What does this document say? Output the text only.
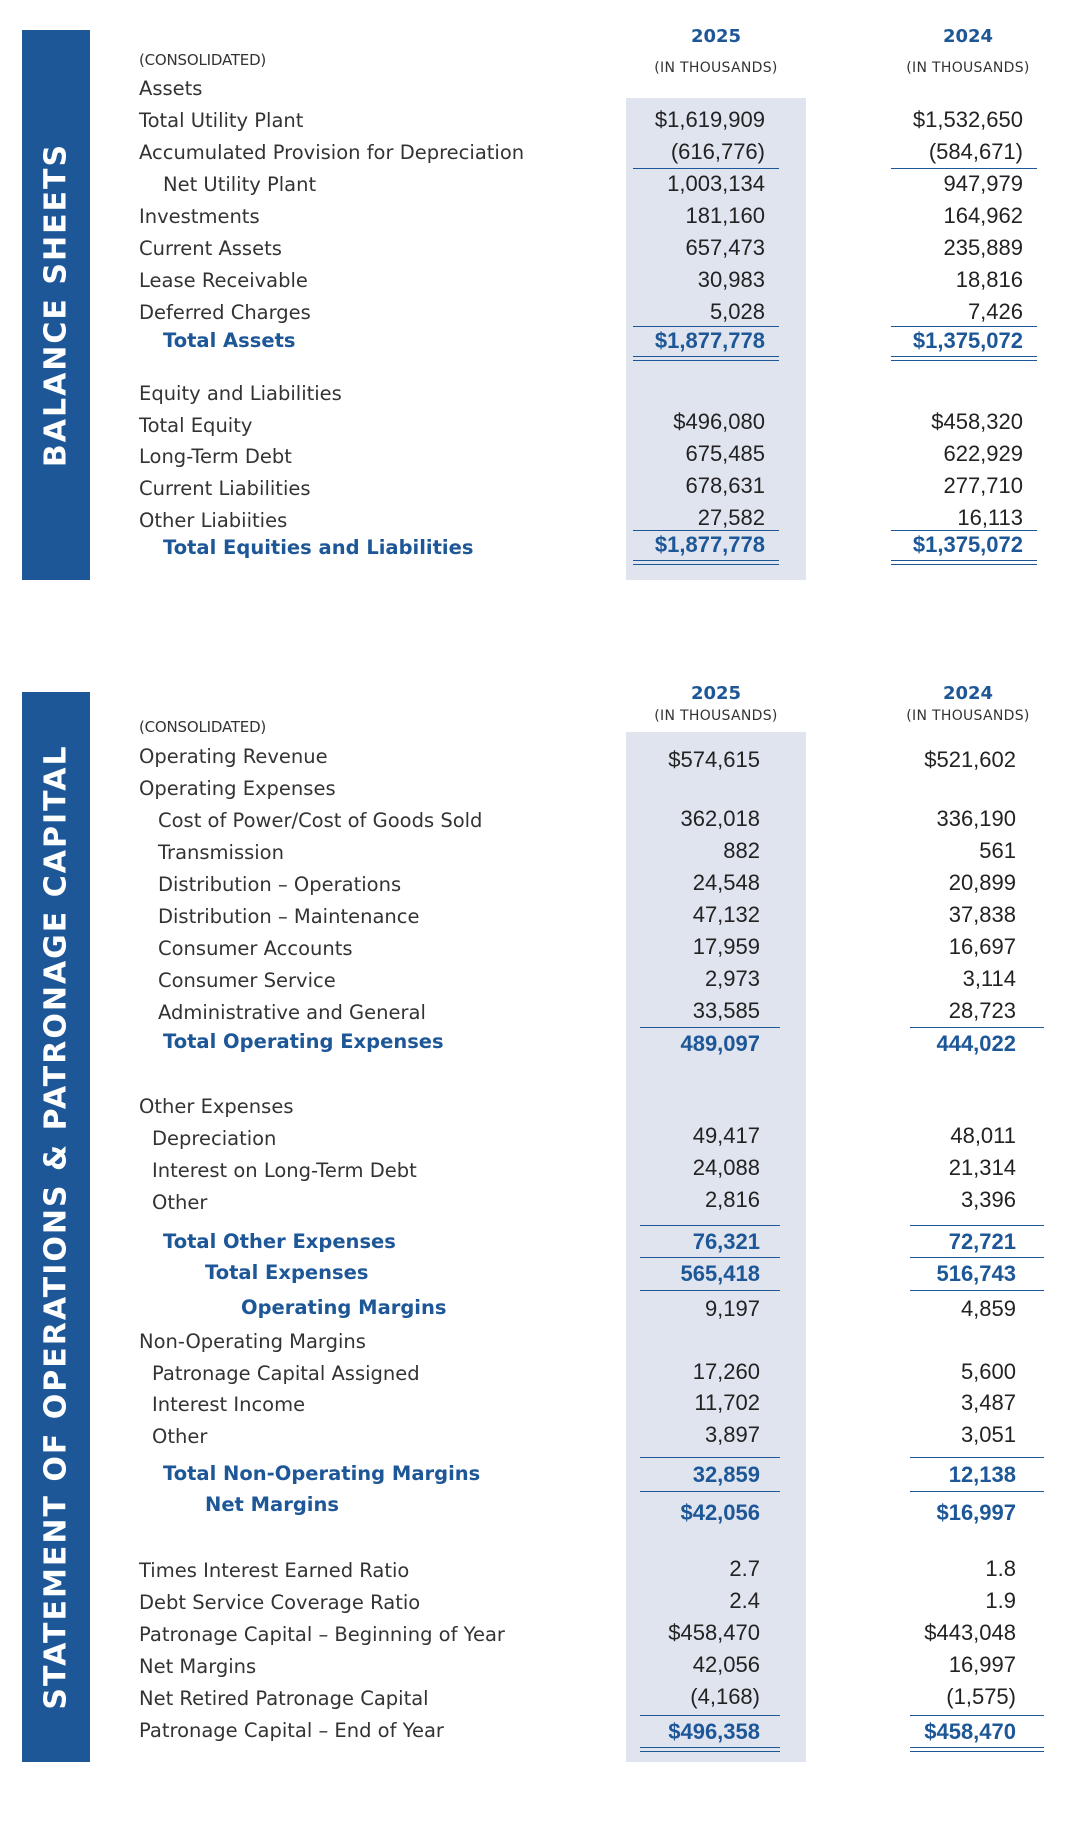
BALANCE SHEETS
2025
(IN THOUSANDS)
2024
(IN THOUSANDS)
(CONSOLIDATED)
Assets
Total Utility Plant	$1,619,909	$1,532,650
Accumulated Provision for Depreciation	(616,776)	(584,671)
Net Utility Plant	1,003,134	947,979
Investments	181,160	164,962
Current Assets	657,473	235,889
Lease Receivable	30,983	18,816
Deferred Charges	5,028	7,426
Total Assets	$1,877,778	$1,375,072
Equity and Liabilities
Total Equity	$496,080	$458,320
Long-Term Debt	675,485	622,929
Current Liabilities	678,631	277,710
Other Liabiities	27,582	16,113
Total Equities and Liabilities	$1,877,778	$1,375,072
STATEMENT OF OPERATIONS & PATRONAGE CAPITAL
2025
(IN THOUSANDS)
2024
(IN THOUSANDS)
(CONSOLIDATED)
Operating Revenue	$574,615	$521,602
Operating Expenses
Cost of Power/Cost of Goods Sold	362,018	336,190
Transmission	882	561
Distribution – Operations	24,548	20,899
Distribution – Maintenance	47,132	37,838
Consumer Accounts	17,959	16,697
Consumer Service	2,973	3,114
Administrative and General	33,585	28,723
Total Operating Expenses	489,097	444,022
Other Expenses
Depreciation	49,417	48,011
Interest on Long-Term Debt	24,088	21,314
Other	2,816	3,396
Total Other Expenses	76,321	72,721
Total Expenses	565,418	516,743
Operating Margins	9,197	4,859
Non-Operating Margins
Patronage Capital Assigned	17,260	5,600
Interest Income	11,702	3,487
Other	3,897	3,051
Total Non-Operating Margins	32,859	12,138
Net Margins	$42,056	$16,997
Times Interest Earned Ratio	2.7	1.8
Debt Service Coverage Ratio	2.4	1.9
Patronage Capital – Beginning of Year	$458,470	$443,048
Net Margins	42,056	16,997
Net Retired Patronage Capital	(4,168)	(1,575)
Patronage Capital – End of Year	$496,358	$458,470
